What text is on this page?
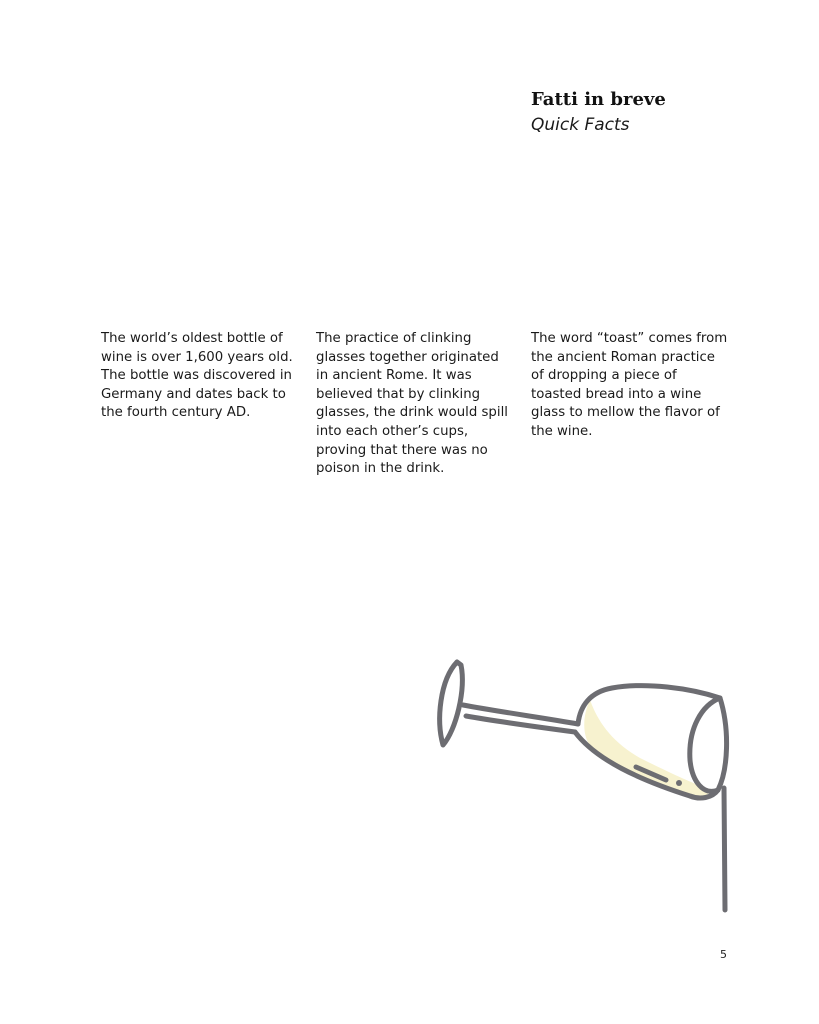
Fatti in breve
Quick Facts
The world’s oldest bottle of wine is over 1,600 years old. The bottle was discovered in Germany and dates back to the fourth century AD.
The practice of clinking glasses together originated in ancient Rome. It was believed that by clinking glasses, the drink would spill into each other’s cups, proving that there was no poison in the drink.
The word “toast” comes from the ancient Roman practice of dropping a piece of toasted bread into a wine glass to mellow the flavor of the wine.
5
